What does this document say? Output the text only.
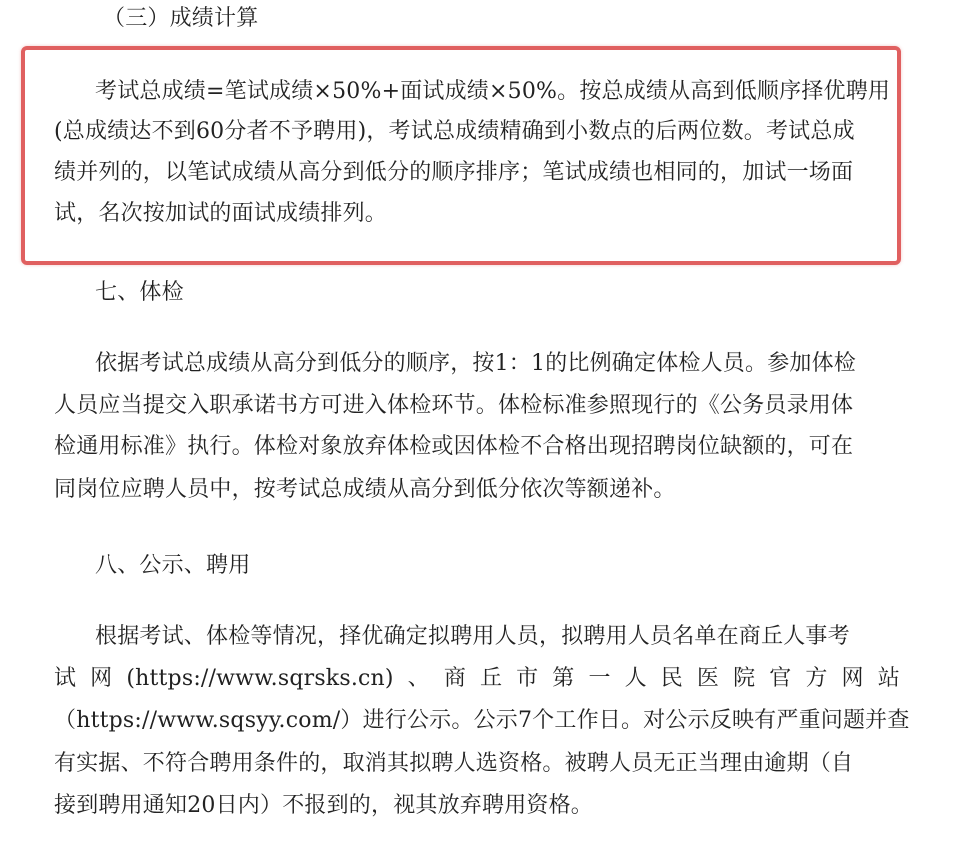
（三）成绩计算
考试总成绩=笔试成绩×50%+面试成绩×50%。按总成绩从高到低顺序择优聘用
(总成绩达不到60分者不予聘用)，考试总成绩精确到小数点的后两位数。考试总成
绩并列的，以笔试成绩从高分到低分的顺序排序；笔试成绩也相同的，加试一场面
试，名次按加试的面试成绩排列。
七、体检
依据考试总成绩从高分到低分的顺序，按1：1的比例确定体检人员。参加体检
人员应当提交入职承诺书方可进入体检环节。体检标准参照现行的《公务员录用体
检通用标准》执行。体检对象放弃体检或因体检不合格出现招聘岗位缺额的，可在
同岗位应聘人员中，按考试总成绩从高分到低分依次等额递补。
八、公示、聘用
根据考试、体检等情况，择优确定拟聘用人员，拟聘用人员名单在商丘人事考
试 网 (https://www.sqrsks.cn) 、 商 丘 市 第 一 人 民 医 院 官 方 网 站
（https://www.sqsyy.com/）进行公示。公示7个工作日。对公示反映有严重问题并查
有实据、不符合聘用条件的，取消其拟聘人选资格。被聘人员无正当理由逾期（自
接到聘用通知20日内）不报到的，视其放弃聘用资格。
